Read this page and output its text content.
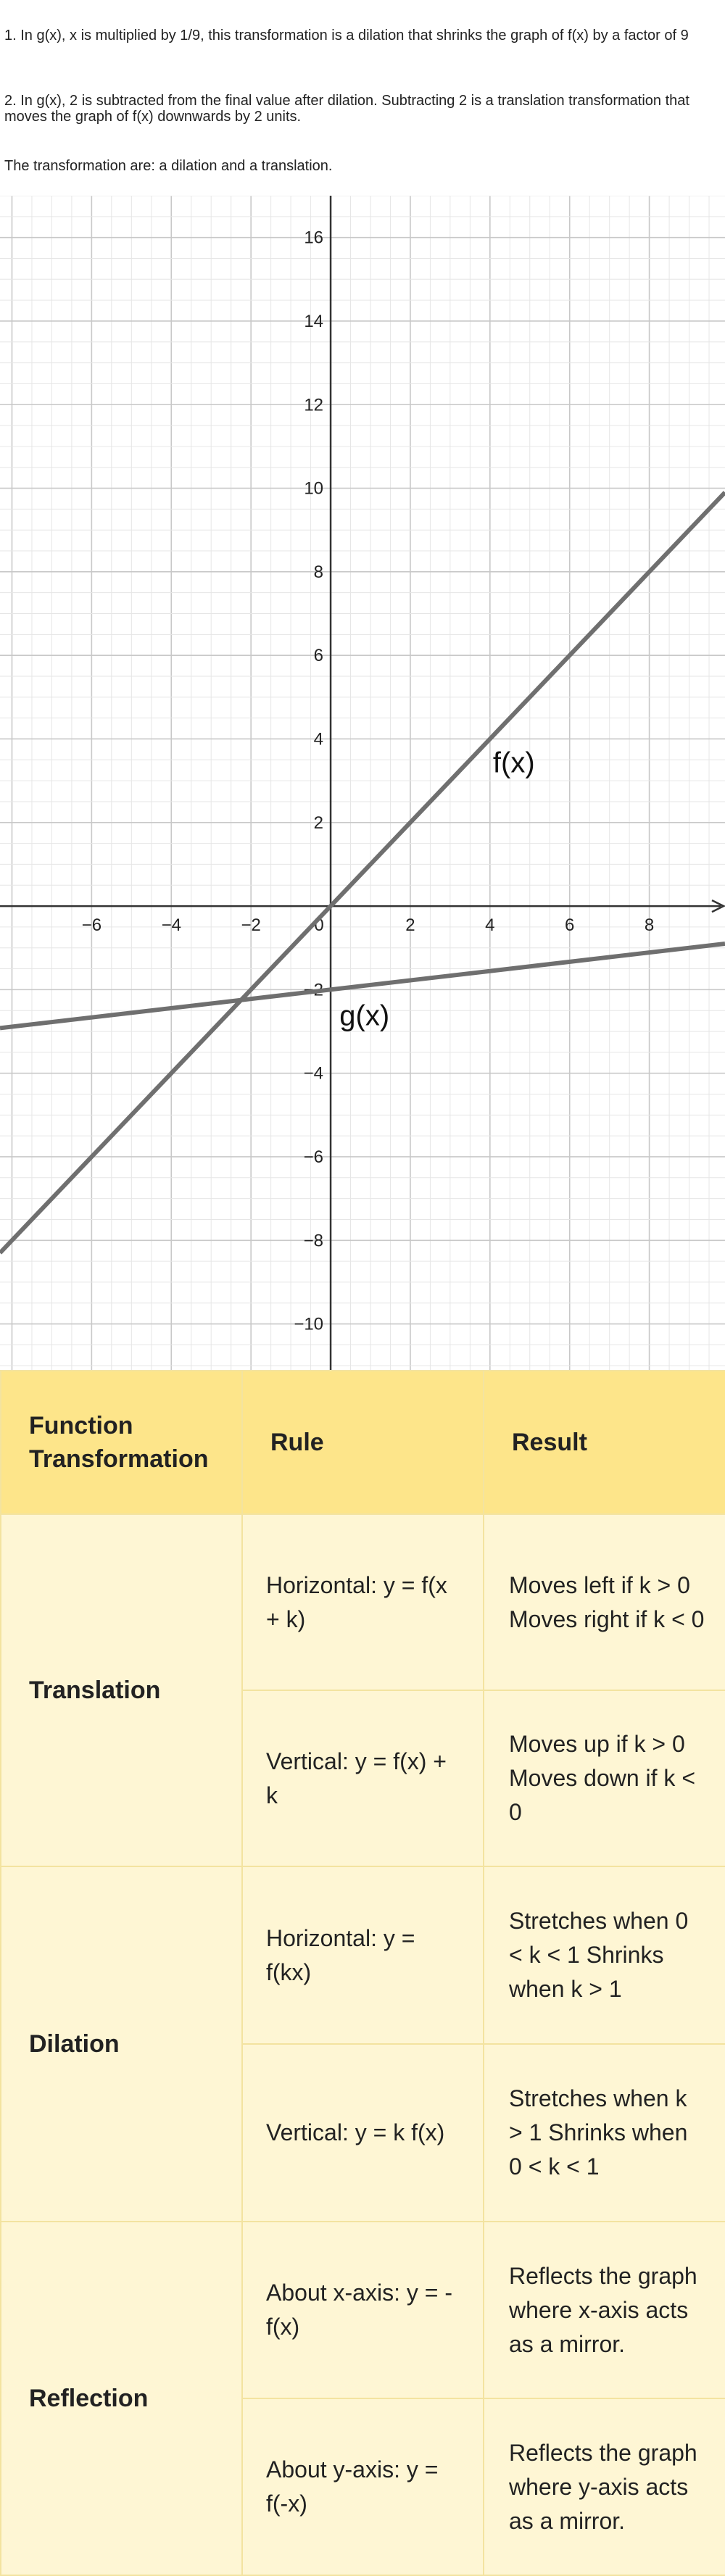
1. In g(x), x is multiplied by 1/9, this transformation is a dilation that shrinks the graph of f(x) by a factor of 9

2. In g(x), 2 is subtracted from the final value after dilation. Subtracting 2 is a translation transformation that moves the graph of f(x) downwards by 2 units.

The transformation are: a dilation and a translation.

−6	−4	−2	0	2	4	6	8
−10
−8
−6
−4
−2
2
4
6
8
10
12
14
16
f(x)
g(x)
Function Transformation	Rule	Result
Translation	Horizontal: y = f(x + k)	Moves left if k > 0 Moves right if k < 0
	Vertical: y = f(x) + k	Moves up if k > 0 Moves down if k < 0
Dilation	Horizontal: y = f(kx)	Stretches when 0 < k < 1 Shrinks when k > 1
	Vertical: y = k f(x)	Stretches when k > 1 Shrinks when 0 < k < 1
Reflection	About x-axis: y = - f(x)	Reflects the graph where x-axis acts as a mirror.
	About y-axis: y = f(-x)	Reflects the graph where y-axis acts as a mirror.
